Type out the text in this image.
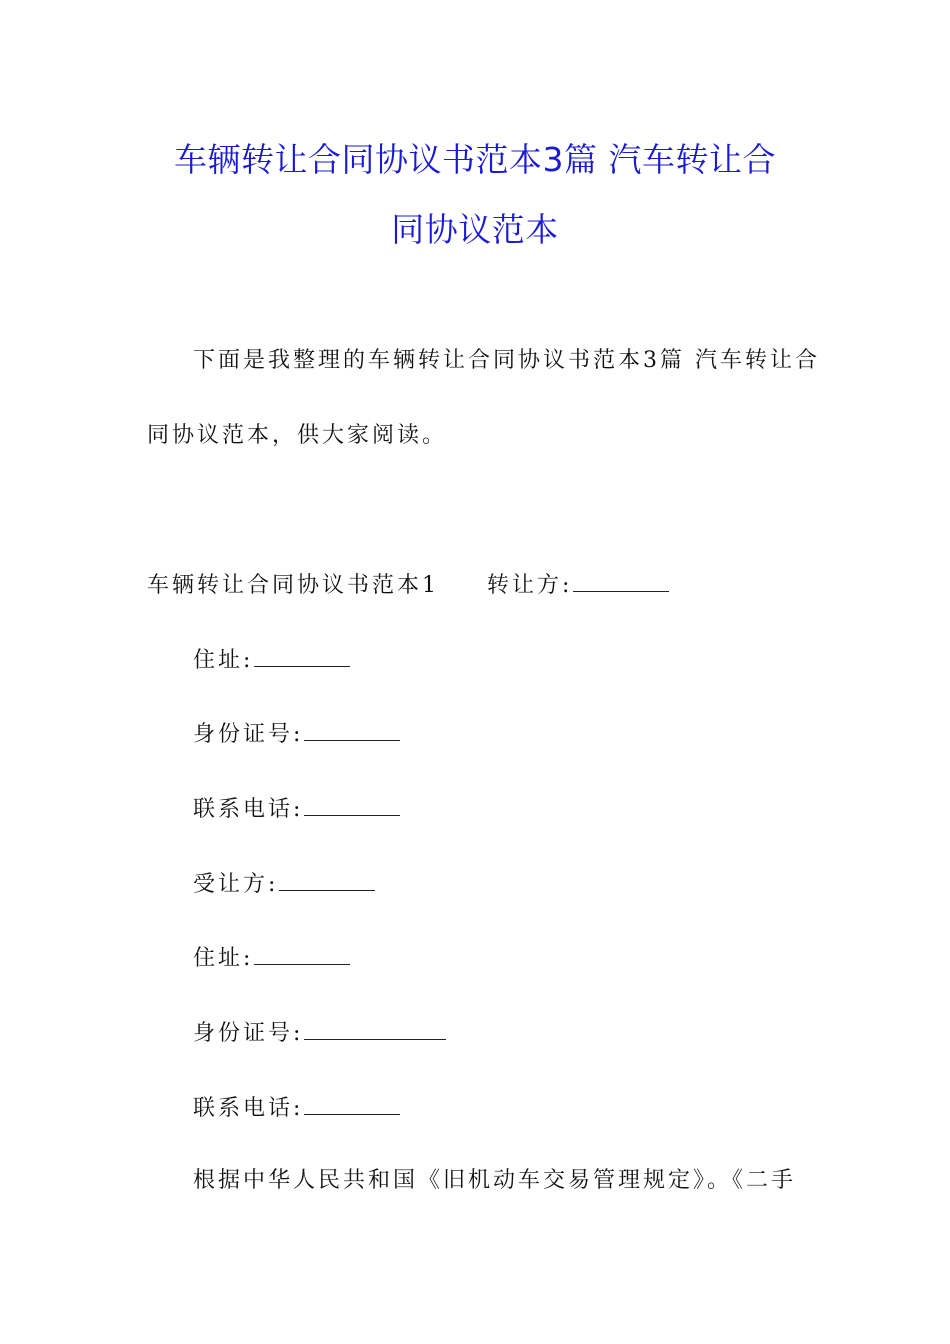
车辆转让合同协议书范本3篇 汽车转让合
同协议范本
下面是我整理的车辆转让合同协议书范本3篇 汽车转让合
同协议范本，供大家阅读。
车辆转让合同协议书范本1 转让方:
住址:
身份证号:
联系电话:
受让方:
住址:
身份证号:
联系电话:
根据中华人民共和国《旧机动车交易管理规定》。《二手
